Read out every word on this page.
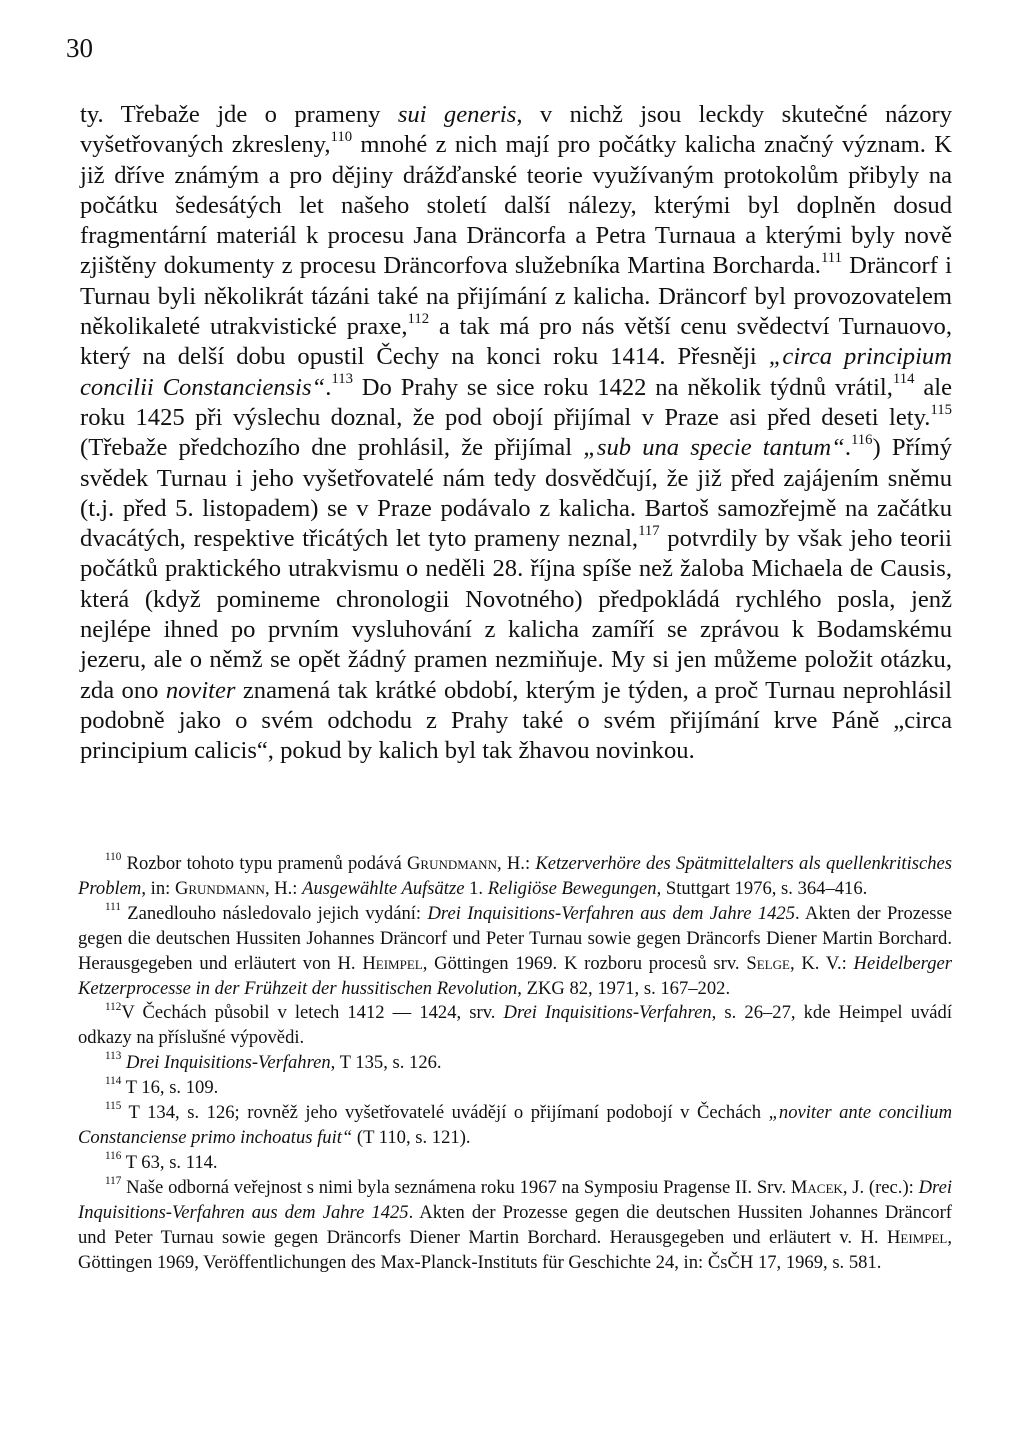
30

ty. Třebaže jde o prameny sui generis, v nichž jsou leckdy skutečné názory vyšetřovaných zkresleny,$^{110}$ mnohé z nich mají pro počátky kalicha značný význam. K již dříve známým a pro dějiny drážďanské teorie využívaným protokolům přibyly na počátku šedesátých let našeho století další nálezy, kterými byl doplněn dosud fragmentární materiál k procesu Jana Dräncorfa a Petra Turnaua a kterými byly nově zjištěny dokumenty z procesu Dräncorfova služebníka Martina Borcharda.$^{111}$ Dräncorf i Turnau byli několikrát tázáni také na přijímání z kalicha. Dräncorf byl provozovatelem několikaleté utrakvistické praxe,$^{112}$ a tak má pro nás větší cenu svědectví Turnauovo, který na delší dobu opustil Čechy na konci roku 1414. Přesněji „circa principium concilii Constanciensis“.$^{113}$ Do Prahy se sice roku 1422 na několik týdnů vrátil,$^{114}$ ale roku 1425 při výslechu doznal, že pod obojí přijímal v Praze asi před deseti lety.$^{115}$ (Třebaže předchozího dne prohlásil, že přijímal „sub una specie tantum“.$^{116}$) Přímý svědek Turnau i jeho vyšetřovatelé nám tedy dosvědčují, že již před zajájením sněmu (t.j. před 5. listopadem) se v Praze podávalo z kalicha. Bartoš samozřejmě na začátku dvacátých, respektive třicátých let tyto prameny neznal,$^{117}$ potvrdily by však jeho teorii počátků praktického utrakvismu o neděli 28. října spíše než žaloba Michaela de Causis, která (když pomineme chronologii Novotného) předpokládá rychlého posla, jenž nejlépe ihned po prvním vysluhování z kalicha zamíří se zprávou k Bodamskému jezeru, ale o němž se opět žádný pramen nezmiňuje. My si jen můžeme položit otázku, zda ono noviter znamená tak krátké období, kterým je týden, a proč Turnau neprohlásil podobně jako o svém odchodu z Prahy také o svém přijímání krve Páně „circa principium calicis“, pokud by kalich byl tak žhavou novinkou.

$^{110}$ Rozbor tohoto typu pramenů podává Grundmann, H.: Ketzerverhöre des Spätmittelalters als quellenkritisches Problem, in: Grundmann, H.: Ausgewählte Aufsätze 1. Religiöse Bewegungen, Stuttgart 1976, s. 364–416.

$^{111}$ Zanedlouho následovalo jejich vydání: Drei Inquisitions-Verfahren aus dem Jahre 1425. Akten der Prozesse gegen die deutschen Hussiten Johannes Dräncorf und Peter Turnau sowie gegen Dräncorfs Diener Martin Borchard. Herausgegeben und erläutert von H. Heimpel, Göttingen 1969. K rozboru procesů srv. Selge, K. V.: Heidelberger Ketzerprocesse in der Frühzeit der hussitischen Revolution, ZKG 82, 1971, s. 167–202.

$^{112}$V Čechách působil v letech 1412 — 1424, srv. Drei Inquisitions-Verfahren, s. 26–27, kde Heimpel uvádí odkazy na příslušné výpovědi.

$^{113}$ Drei Inquisitions-Verfahren, T 135, s. 126.

$^{114}$ T 16, s. 109.

$^{115}$ T 134, s. 126; rovněž jeho vyšetřovatelé uvádějí o přijímaní podobojí v Čechách „noviter ante concilium Constanciense primo inchoatus fuit“ (T 110, s. 121).

$^{116}$ T 63, s. 114.

$^{117}$ Naše odborná veřejnost s nimi byla seznámena roku 1967 na Symposiu Pragense II. Srv. Macek, J. (rec.): Drei Inquisitions-Verfahren aus dem Jahre 1425. Akten der Prozesse gegen die deutschen Hussiten Johannes Dräncorf und Peter Turnau sowie gegen Dräncorfs Diener Martin Borchard. Herausgegeben und erläutert v. H. Heimpel, Göttingen 1969, Veröffentlichungen des Max-Planck-Instituts für Geschichte 24, in: ČsČH 17, 1969, s. 581.
